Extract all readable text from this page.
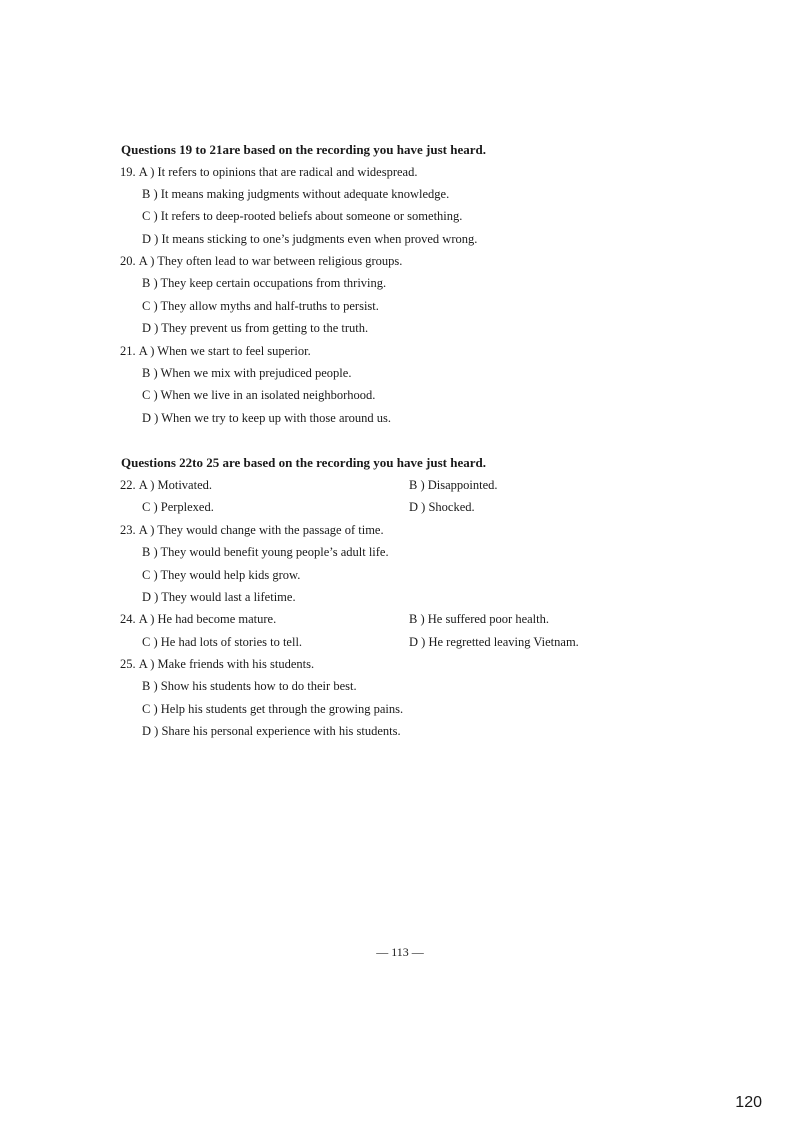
Questions 19 to 21are based on the recording you have just heard.
19. A ) It refers to opinions that are radical and widespread.
B ) It means making judgments without adequate knowledge.
C ) It refers to deep-rooted beliefs about someone or something.
D ) It means sticking to one’s judgments even when proved wrong.
20. A ) They often lead to war between religious groups.
B ) They keep certain occupations from thriving.
C ) They allow myths and half-truths to persist.
D ) They prevent us from getting to the truth.
21. A ) When we start to feel superior.
B ) When we mix with prejudiced people.
C ) When we live in an isolated neighborhood.
D ) When we try to keep up with those around us.
Questions 22to 25 are based on the recording you have just heard.
22. A ) Motivated.	B ) Disappointed.
C ) Perplexed.	D ) Shocked.
23. A ) They would change with the passage of time.
B ) They would benefit young people’s adult life.
C ) They would help kids grow.
D ) They would last a lifetime.
24. A ) He had become mature.	B ) He suffered poor health.
C ) He had lots of stories to tell.	D ) He regretted leaving Vietnam.
25. A ) Make friends with his students.
B ) Show his students how to do their best.
C ) Help his students get through the growing pains.
D ) Share his personal experience with his students.
— 113 —
120
